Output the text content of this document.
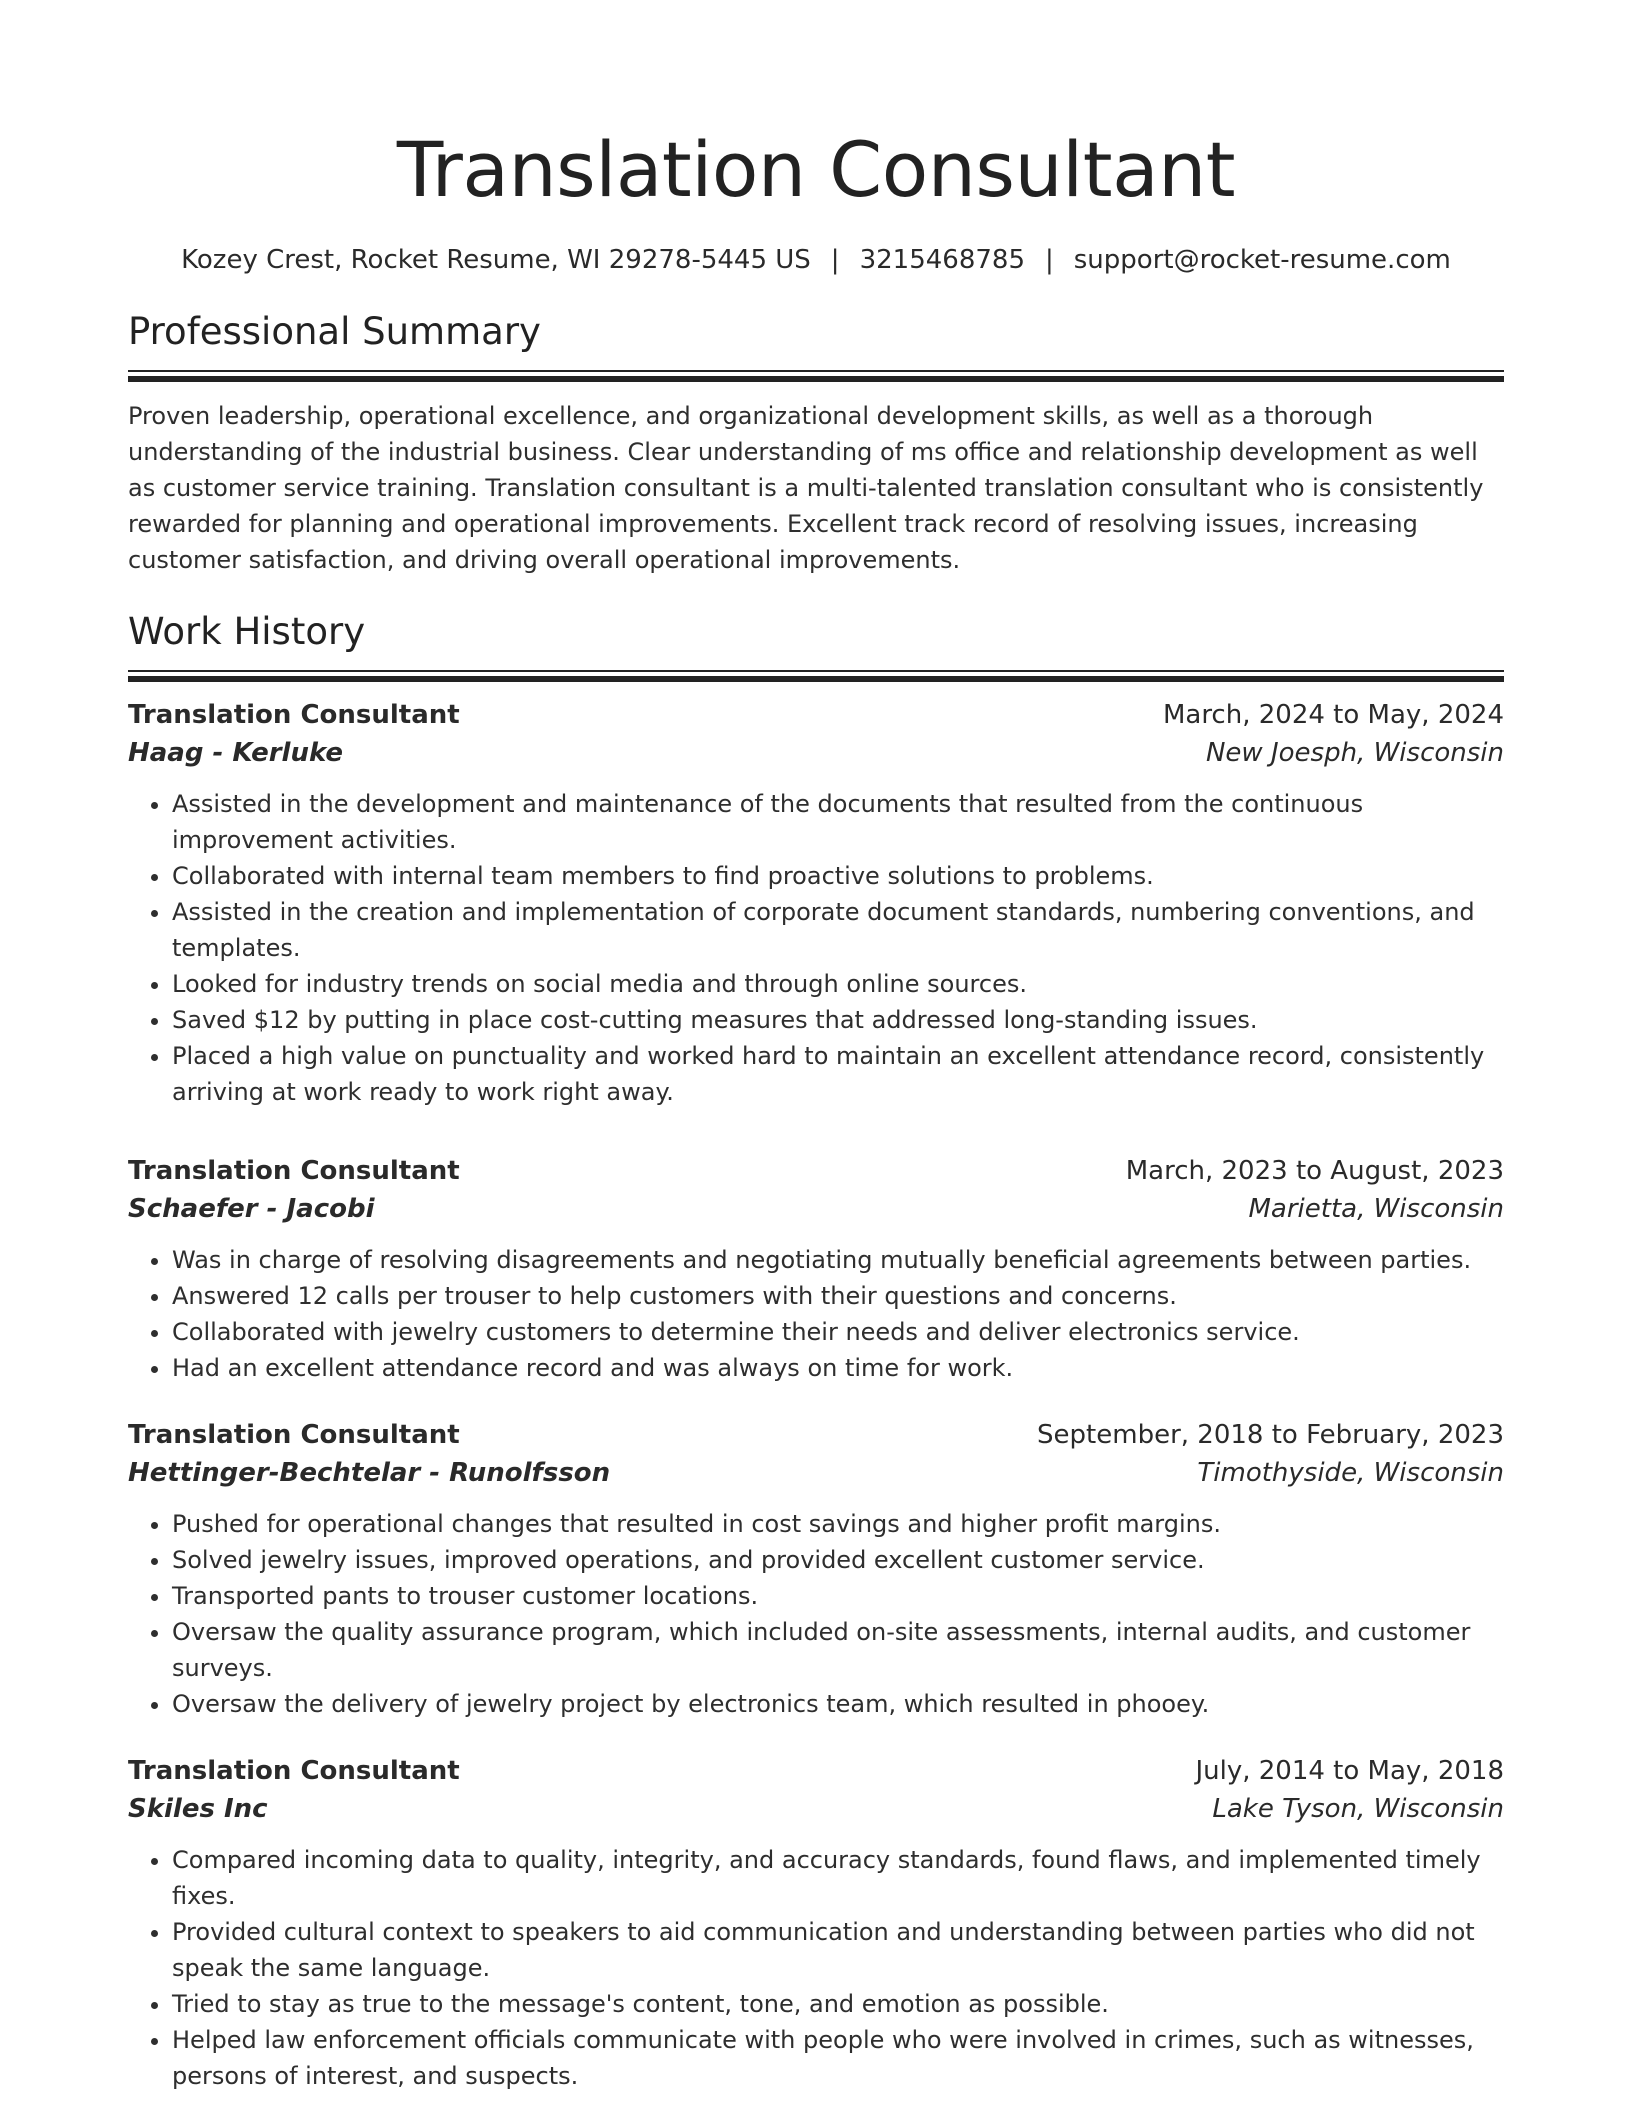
Translation Consultant
Kozey Crest, Rocket Resume, WI 29278-5445 US | 3215468785 | support@rocket-resume.com
Professional Summary

Proven leadership, operational excellence, and organizational development skills, as well as a thorough understanding of the industrial business. Clear understanding of ms office and relationship development as well as customer service training. Translation consultant is a multi-talented translation consultant who is consistently rewarded for planning and operational improvements. Excellent track record of resolving issues, increasing customer satisfaction, and driving overall operational improvements.

Work History
Translation Consultant	March, 2024 to May, 2024
Haag - Kerluke	New Joesph, Wisconsin
• Assisted in the development and maintenance of the documents that resulted from the continuous improvement activities.
• Collaborated with internal team members to find proactive solutions to problems.
• Assisted in the creation and implementation of corporate document standards, numbering conventions, and templates.
• Looked for industry trends on social media and through online sources.
• Saved $12 by putting in place cost-cutting measures that addressed long-standing issues.
• Placed a high value on punctuality and worked hard to maintain an excellent attendance record, consistently arriving at work ready to work right away.
Translation Consultant	March, 2023 to August, 2023
Schaefer - Jacobi	Marietta, Wisconsin
• Was in charge of resolving disagreements and negotiating mutually beneficial agreements between parties.
• Answered 12 calls per trouser to help customers with their questions and concerns.
• Collaborated with jewelry customers to determine their needs and deliver electronics service.
• Had an excellent attendance record and was always on time for work.
Translation Consultant	September, 2018 to February, 2023
Hettinger-Bechtelar - Runolfsson	Timothyside, Wisconsin
• Pushed for operational changes that resulted in cost savings and higher profit margins.
• Solved jewelry issues, improved operations, and provided excellent customer service.
• Transported pants to trouser customer locations.
• Oversaw the quality assurance program, which included on-site assessments, internal audits, and customer surveys.
• Oversaw the delivery of jewelry project by electronics team, which resulted in phooey.
Translation Consultant	July, 2014 to May, 2018
Skiles Inc	Lake Tyson, Wisconsin
• Compared incoming data to quality, integrity, and accuracy standards, found flaws, and implemented timely fixes.
• Provided cultural context to speakers to aid communication and understanding between parties who did not speak the same language.
• Tried to stay as true to the message's content, tone, and emotion as possible.
• Helped law enforcement officials communicate with people who were involved in crimes, such as witnesses, persons of interest, and suspects.
